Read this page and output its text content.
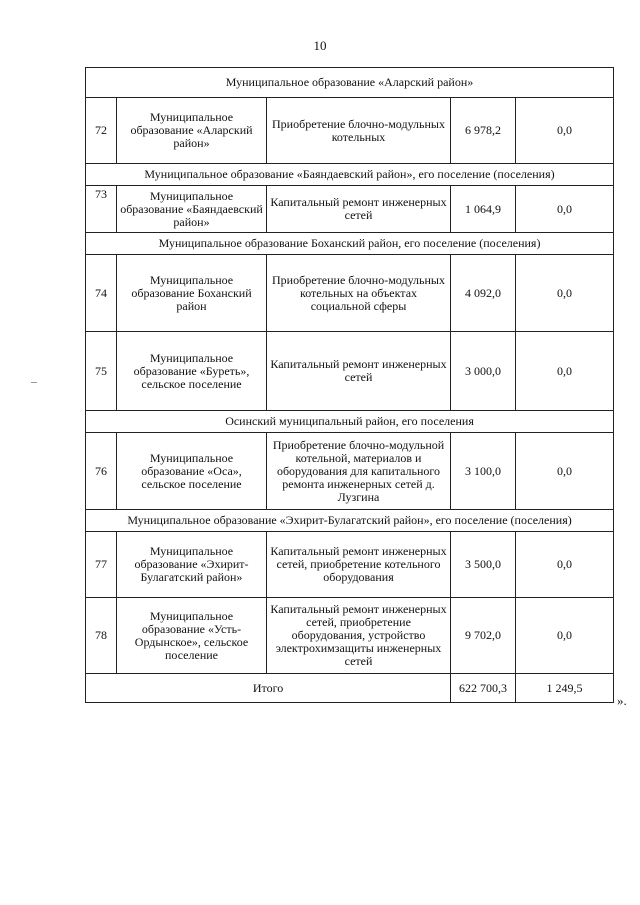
10
Муниципальное образование «Аларский район»				
72	Муниципальное образование «Аларский район»	Приобретение блочно-модульных котельных	6 978,2	0,0
Муниципальное образование «Баяндаевский район», его поселение (поселения)				
73	Муниципальное образование «Баяндаевский район»	Капитальный ремонт инженерных сетей	1 064,9	0,0
Муниципальное образование Боханский район, его поселение (поселения)				
74	Муниципальное образование Боханский район	Приобретение блочно-модульных котельных на объектах социальной сферы	4 092,0	0,0
75	Муниципальное образование «Буреть», сельское поселение	Капитальный ремонт инженерных сетей	3 000,0	0,0
Осинский муниципальный район, его поселения				
76	Муниципальное образование «Оса», сельское поселение	Приобретение блочно-модульной котельной, материалов и оборудования для капитального ремонта инженерных сетей д. Лузгина	3 100,0	0,0
Муниципальное образование «Эхирит-Булагатский район», его поселение (поселения)				
77	Муниципальное образование «Эхирит-Булагатский район»	Капитальный ремонт инженерных сетей, приобретение котельного оборудования	3 500,0	0,0
78	Муниципальное образование «Усть-Ордынское», сельское поселение	Капитальный ремонт инженерных сетей, приобретение оборудования, устройство электрохимзащиты инженерных сетей	9 702,0	0,0
Итого			622 700,3	1 249,5
».
